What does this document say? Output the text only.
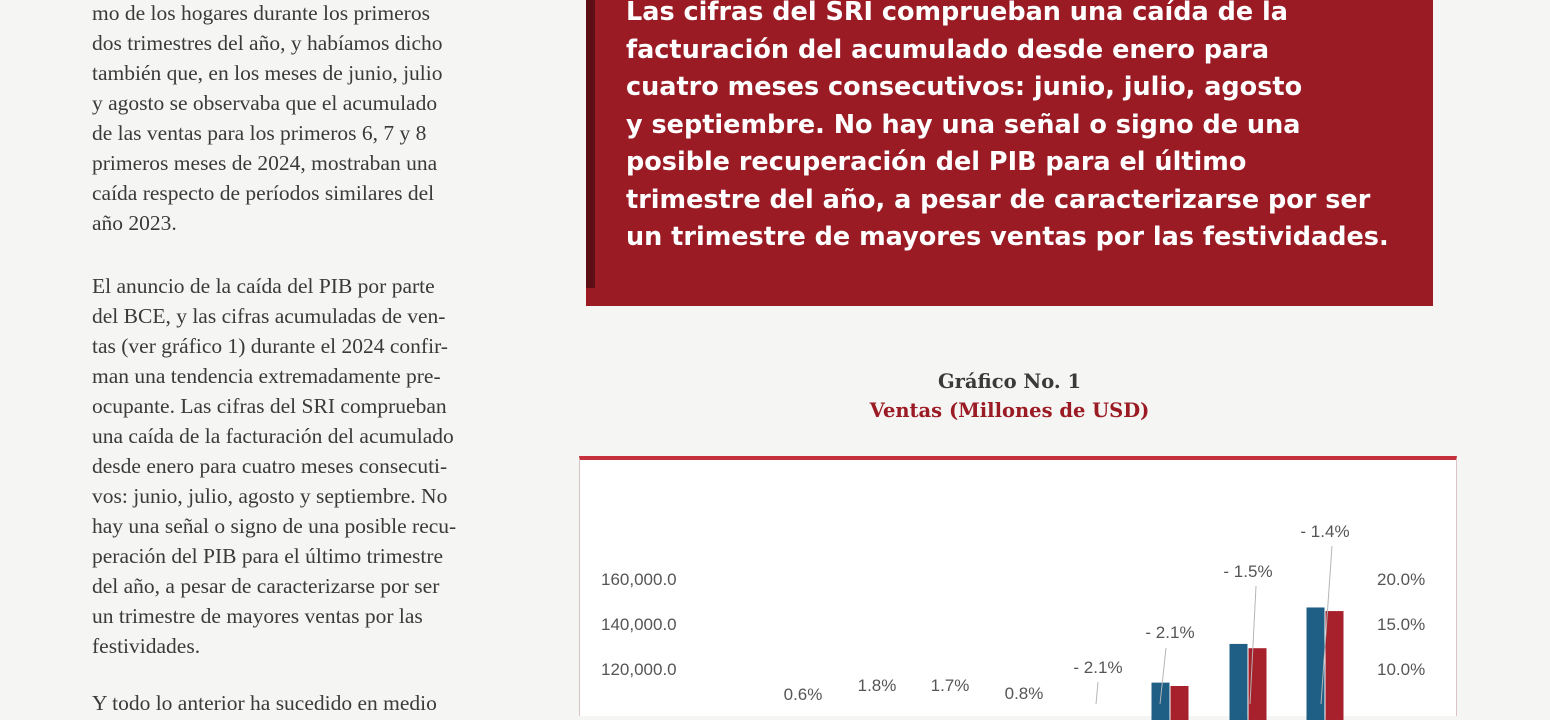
mo de los hogares durante los primeros
dos trimestres del año, y habíamos dicho
también que, en los meses de junio, julio
y agosto se observaba que el acumulado
de las ventas para los primeros 6, 7 y 8
primeros meses de 2024, mostraban una
caída respecto de períodos similares del
año 2023.
El anuncio de la caída del PIB por parte
del BCE, y las cifras acumuladas de ven-
tas (ver gráfico 1) durante el 2024 confir-
man una tendencia extremadamente pre-
ocupante. Las cifras del SRI comprueban
una caída de la facturación del acumulado
desde enero para cuatro meses consecuti-
vos: junio, julio, agosto y septiembre. No
hay una señal o signo de una posible recu-
peración del PIB para el último trimestre
del año, a pesar de caracterizarse por ser
un trimestre de mayores ventas por las
festividades.
Y todo lo anterior ha sucedido en medio
Las cifras del SRI comprueban una caída de la
facturación del acumulado desde enero para
cuatro meses consecutivos: junio, julio, agosto
y septiembre. No hay una señal o signo de una
posible recuperación del PIB para el último
trimestre del año, a pesar de caracterizarse por ser
un trimestre de mayores ventas por las festividades.
Gráfico No. 1
Ventas (Millones de USD)
160,000.0
140,000.0
120,000.0
20.0%
15.0%
10.0%
0.6% 1.8% 1.7% 0.8%
- 2.1%
- 2.1%
- 1.5%
- 1.4%
